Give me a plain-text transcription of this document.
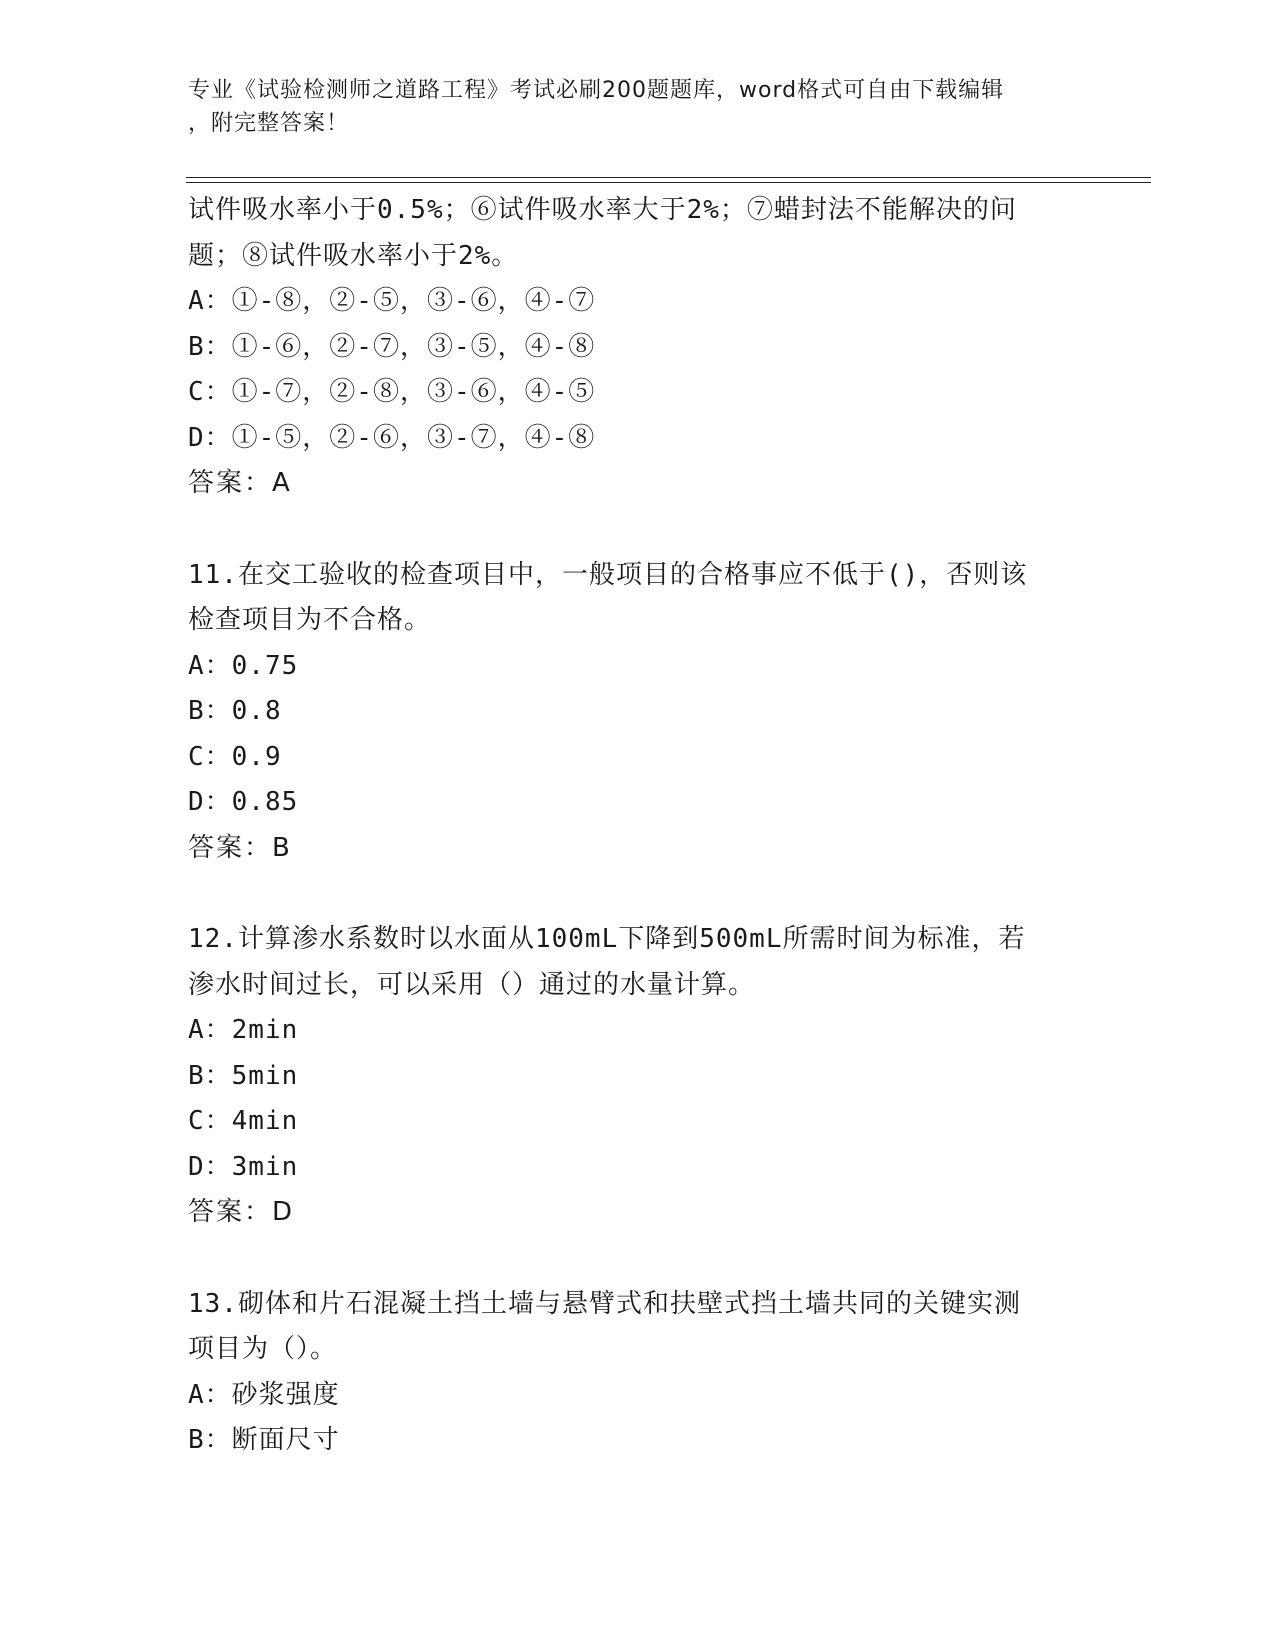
专业《试验检测师之道路工程》考试必刷200题题库，word格式可自由下载编辑
，附完整答案！
试件吸水率小于0.5%；⑥试件吸水率大于2%；⑦蜡封法不能解决的问
题；⑧试件吸水率小于2%。
A：①-⑧，②-⑤，③-⑥，④-⑦
B：①-⑥，②-⑦，③-⑤，④-⑧
C：①-⑦，②-⑧，③-⑥，④-⑤
D：①-⑤，②-⑥，③-⑦，④-⑧
答案：A
11.在交工验收的检查项目中，一般项目的合格事应不低于()，否则该
检查项目为不合格。
A：0.75
B：0.8
C：0.9
D：0.85
答案：B
12.计算渗水系数时以水面从100mL下降到500mL所需时间为标准，若
渗水时间过长，可以采用（）通过的水量计算。
A：2min
B：5min
C：4min
D：3min
答案：D
13.砌体和片石混凝土挡土墙与悬臂式和扶壁式挡土墙共同的关键实测
项目为（）。
A：砂浆强度
B：断面尺寸
